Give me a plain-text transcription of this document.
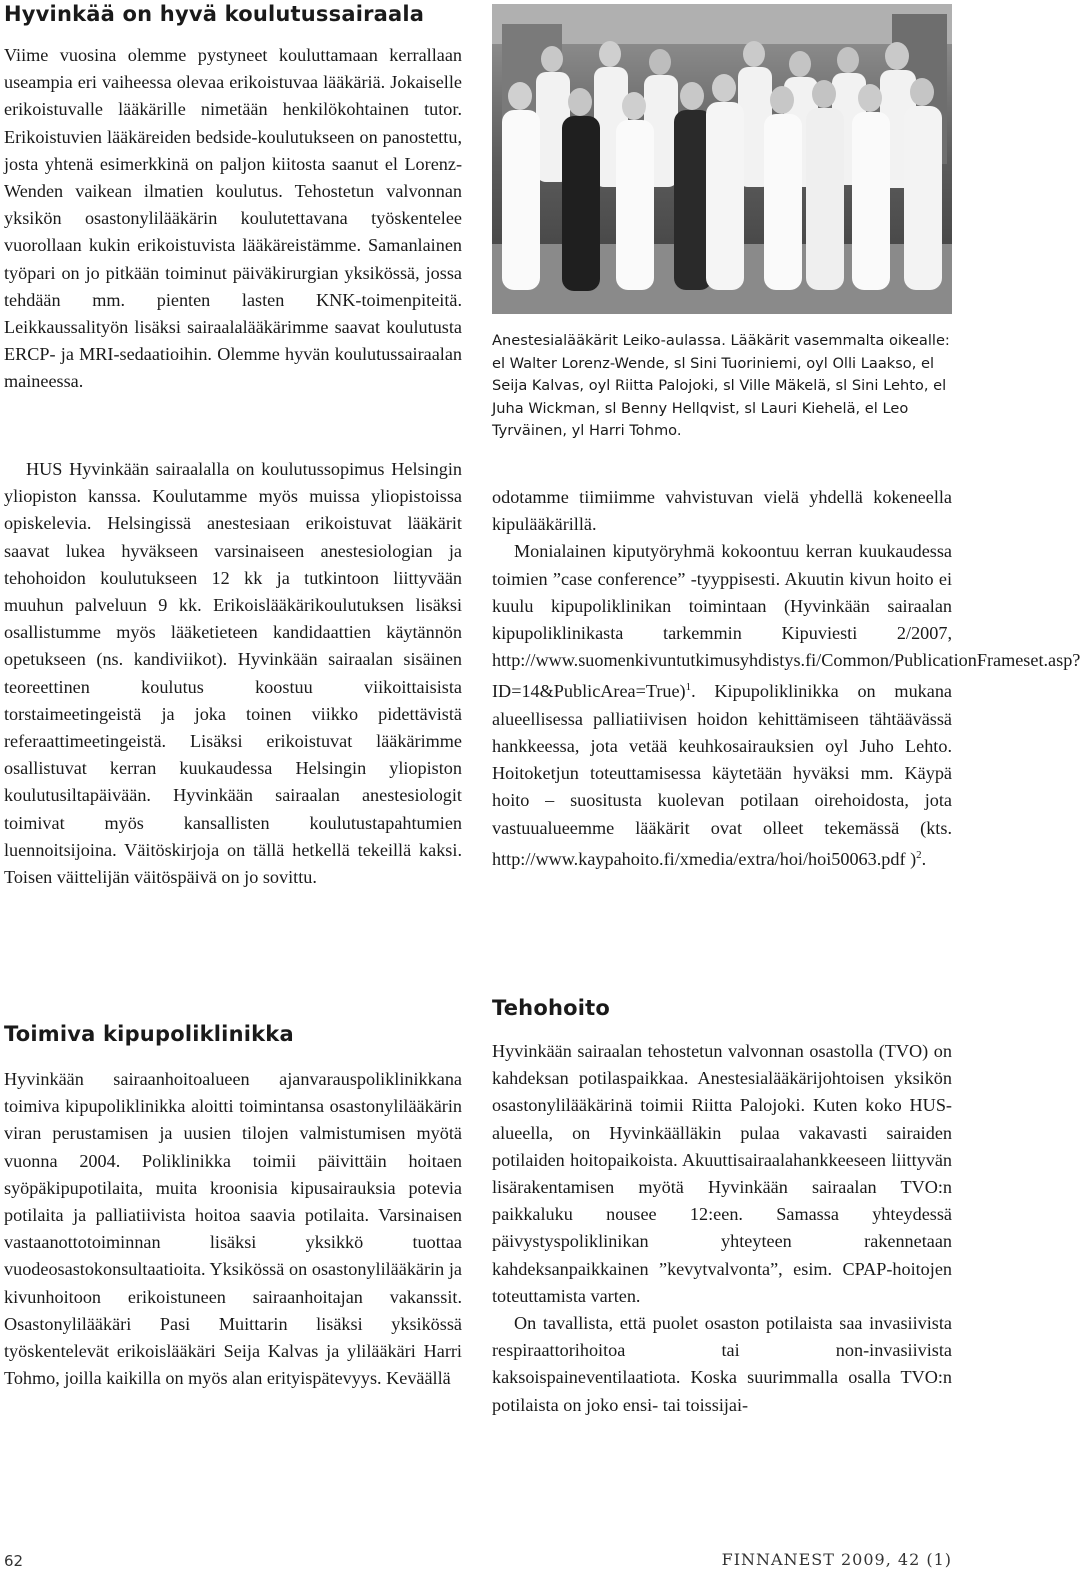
Hyvinkää on hyvä koulutussairaala

Viime vuosina olemme pystyneet kouluttamaan kerrallaan useampia eri vaiheessa olevaa erikoistuvaa lääkäriä. Jokaiselle erikoistuvalle lääkärille nimetään henkilökohtainen tutor. Erikoistuvien lääkäreiden bedside-koulutukseen on panostettu, josta yhtenä esimerkkinä on paljon kiitosta saanut el Lorenz-Wenden vaikean ilmatien koulutus. Tehostetun valvonnan yksikön osastonylilääkärin koulutettavana työskentelee vuorollaan kukin erikoistuvista lääkäreistämme. Samanlainen työpari on jo pitkään toiminut päiväkirurgian yksikössä, jossa tehdään mm. pienten lasten KNK-toimenpiteitä. Leikkaussalityön lisäksi sairaalalääkärimme saavat koulutusta ERCP- ja MRI-sedaatioihin. Olemme hyvän koulutussairaalan maineessa.

HUS Hyvinkään sairaalalla on koulutussopimus Helsingin yliopiston kanssa. Koulutamme myös muissa yliopistoissa opiskelevia. Helsingissä anestesiaan erikoistuvat lääkärit saavat lukea hyväkseen varsinaiseen anestesiologian ja tehohoidon koulutukseen 12 kk ja tutkintoon liittyvään muuhun palveluun 9 kk. Erikoislääkärikoulutuksen lisäksi osallistumme myös lääketieteen kandidaattien käytännön opetukseen (ns. kandiviikot). Hyvinkään sairaalan sisäinen teoreettinen koulutus koostuu viikoittaisista torstaimeetingeistä ja joka toinen viikko pidettävistä referaattimeetingeistä. Lisäksi erikoistuvat lääkärimme osallistuvat kerran kuukaudessa Helsingin yliopiston koulutusiltapäivään. Hyvinkään sairaalan anestesiologit toimivat myös kansallisten koulutustapahtumien luennoitsijoina. Väitöskirjoja on tällä hetkellä tekeillä kaksi. Toisen väittelijän väitöspäivä on jo sovittu.

Toimiva kipupoliklinikka

Hyvinkään sairaanhoitoalueen ajanvarauspoliklinikkana toimiva kipupoliklinikka aloitti toimintansa osastonylilääkärin viran perustamisen ja uusien tilojen valmistumisen myötä vuonna 2004. Poliklinikka toimii päivittäin hoitaen syöpäkipupotilaita, muita kroonisia kipusairauksia potevia potilaita ja palliatiivista hoitoa saavia potilaita. Varsinaisen vastaanottotoiminnan lisäksi yksikkö tuottaa vuodeosastokonsultaatioita. Yksikössä on osastonylilääkärin ja kivunhoitoon erikoistuneen sairaanhoitajan vakanssit. Osastonylilääkäri Pasi Muittarin lisäksi yksikössä työskentelevät erikoislääkäri Seija Kalvas ja ylilääkäri Harri Tohmo, joilla kaikilla on myös alan erityispätevyys. Keväällä

Anestesialääkärit Leiko-aulassa. Lääkärit vasemmalta oikealle: el Walter Lorenz-Wende, sl Sini Tuoriniemi, oyl Olli Laakso, el Seija Kalvas, oyl Riitta Palojoki, sl Ville Mäkelä, sl Sini Lehto, el Juha Wickman, sl Benny Hellqvist, sl Lauri Kiehelä, el Leo Tyrväinen, yl Harri Tohmo.

odotamme tiimiimme vahvistuvan vielä yhdellä kokeneella kipulääkärillä.
Monialainen kiputyöryhmä kokoontuu kerran kuukaudessa toimien ”case conference” -tyyppisesti. Akuutin kivun hoito ei kuulu kipupoliklinikan toimintaan (Hyvinkään sairaalan kipupoliklinikasta tarkemmin Kipuviesti 2/2007, http://www.suomenkivuntutkimusyhdistys.fi/Common/PublicationFrameset.asp?ID=14&PublicArea=True)$^1$. Kipupoliklinikka on mukana alueellisessa palliatiivisen hoidon kehittämiseen tähtäävässä hankkeessa, jota vetää keuhkosairauksien oyl Juho Lehto. Hoitoketjun toteuttamisessa käytetään hyväksi mm. Käypä hoito – suositusta kuolevan potilaan oirehoidosta, jota vastuualueemme lääkärit ovat olleet tekemässä (kts. http://www.kaypahoito.fi/xmedia/extra/hoi/hoi50063.pdf )$^2$.

Tehohoito

Hyvinkään sairaalan tehostetun valvonnan osastolla (TVO) on kahdeksan potilaspaikkaa. Anestesialääkärijohtoisen yksikön osastonylilääkärinä toimii Riitta Palojoki. Kuten koko HUS-alueella, on Hyvinkäälläkin pulaa vakavasti sairaiden potilaiden hoitopaikoista. Akuuttisairaalahankkeeseen liittyvän lisärakentamisen myötä Hyvinkään sairaalan TVO:n paikkaluku nousee 12:een. Samassa yhteydessä päivystyspoliklinikan yhteyteen rakennetaan kahdeksanpaikkainen ”kevytvalvonta”, esim. CPAP-hoitojen toteuttamista varten.

On tavallista, että puolet osaston potilaista saa invasiivista respiraattorihoitoa tai non-invasiivista kaksoispaineventilaatiota. Koska suurimmalla osalla TVO:n potilaista on joko ensi- tai toissijai-

62	FINNANEST 2009, 42 (1)
